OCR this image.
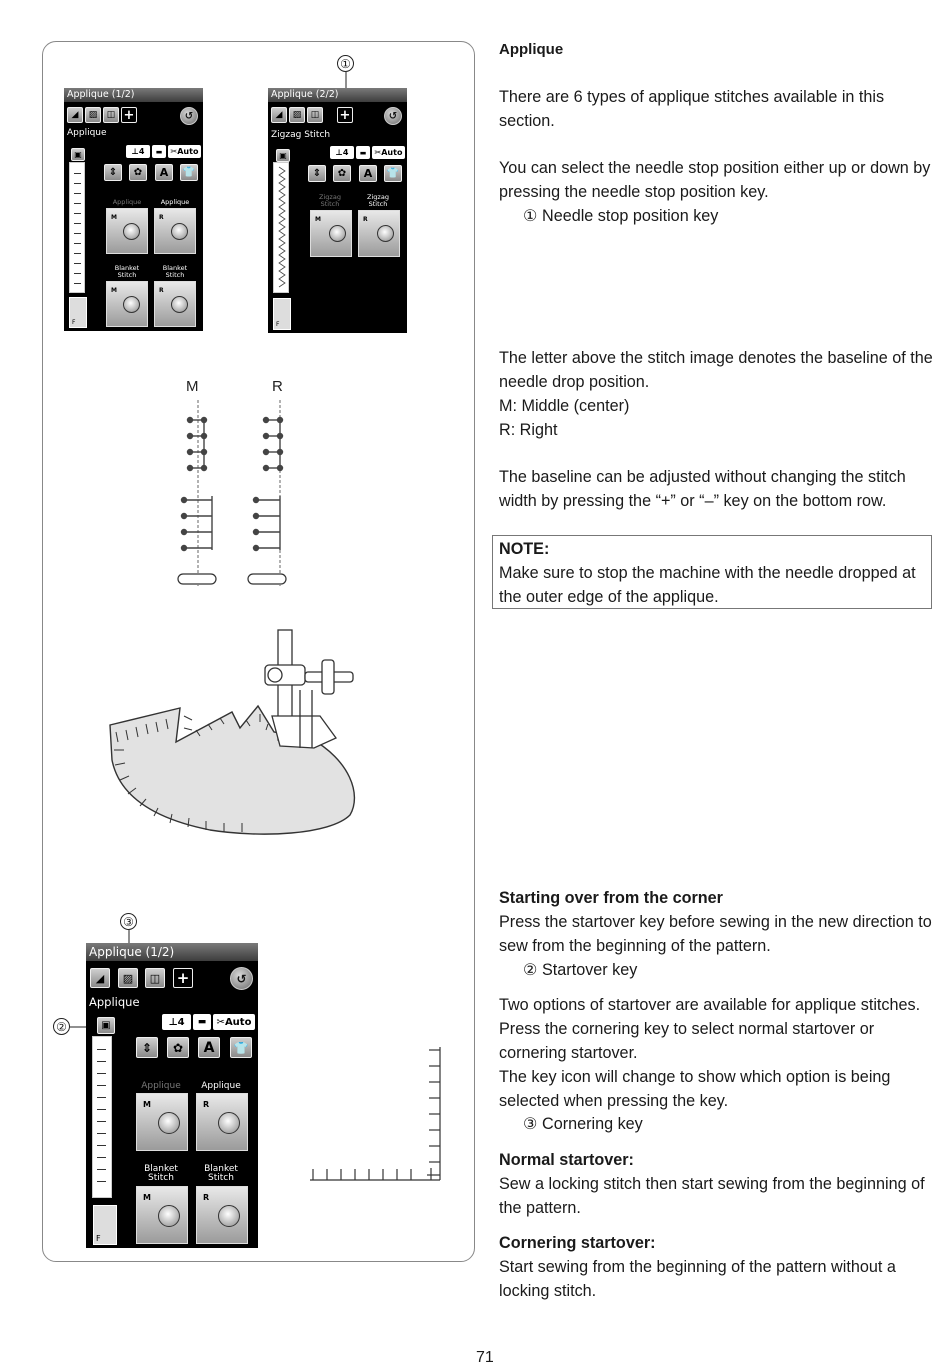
Applique (1/2)
◢	▨	◫ +	↺
Applique
▣	⊥ 4	▬	✂ Auto
⇕	✿	A	👕
Applique	Applique
M	R
Blanket Stitch
Blanket Stitch
M	R
F
①
Applique (2/2)
◢	▨	◫ +	↺
Zigzag Stitch
▣	⊥ 4	▬	✂ Auto
⇕	✿	A	👕
Zigzag Stitch
Zigzag Stitch
M	R
F
M	R
③
②
Applique (1/2)
◢	▨	◫	+	↺
Applique
▣	⊥ 4	▬	✂ Auto
⇕	✿	A	👕
Applique	Applique
M	R
Blanket Stitch
Blanket Stitch
M	R
F
Applique
There are 6 types of applique stitches available in this section.
You can select the needle stop position either up or down by pressing the needle stop position key.
① Needle stop position key
The letter above the stitch image denotes the baseline of the needle drop position.
M: Middle (center)
R: Right
The baseline can be adjusted without changing the stitch width by pressing the “+” or “–” key on the bottom row.
NOTE:
Make sure to stop the machine with the needle dropped at the outer edge of the applique.
Starting over from the corner
Press the startover key before sewing in the new direction to sew from the beginning of the pattern.
② Startover key
Two options of startover are available for applique stitches. Press the cornering key to select normal startover or cornering startover.
The key icon will change to show which option is being selected when pressing the key.
③ Cornering key
Normal startover:
Sew a locking stitch then start sewing from the beginning of the pattern.
Cornering startover:
Start sewing from the beginning of the pattern without a locking stitch.
71
